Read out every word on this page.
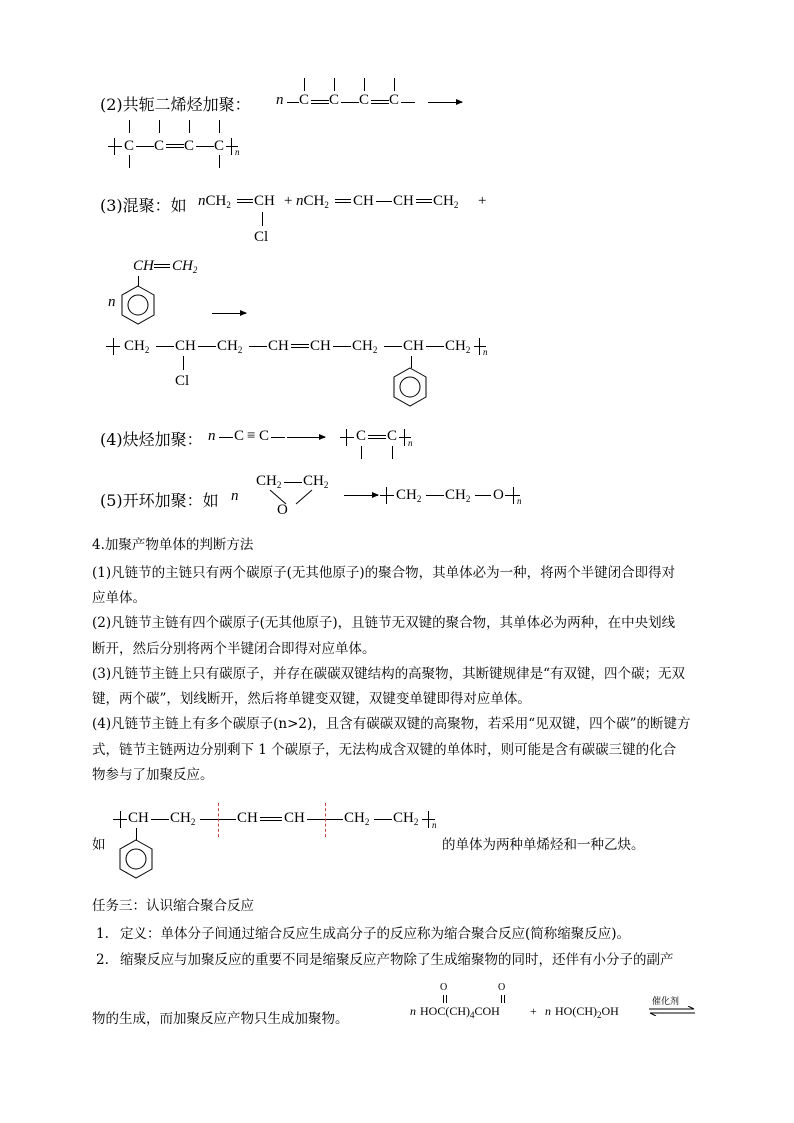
(2)共轭二烯烃加聚： n C C C C
C C C C n
(3)混聚：如 nCH$_2$ CH
Cl
+ nCH$_2$ CH CH $CH_2$ +
CH $CH_2$
n
$CH_2$ CH
Cl
$CH_2$ CH CH $CH_2$ CH $CH_2$ n
(4)炔烃加聚： n C ≡ C → C C n
(5)开环加聚：如 n
$CH_2$ $CH_2$
O
→ $CH_2$ $CH_2$ O n
4.加聚产物单体的判断方法
(1)凡链节的主链只有两个碳原子(无其他原子)的聚合物，其单体必为一种，将两个半键闭合即得对
应单体。
(2)凡链节主链有四个碳原子(无其他原子)，且链节无双键的聚合物，其单体必为两种，在中央划线
断开，然后分别将两个半键闭合即得对应单体。
(3)凡链节主链上只有碳原子，并存在碳碳双键结构的高聚物，其断键规律是“有双键，四个碳；无双
键，两个碳”，划线断开，然后将单键变双键，双键变单键即得对应单体。
(4)凡链节主链上有多个碳原子(n>2)，且含有碳碳双键的高聚物，若采用“见双键，四个碳”的断键方
式，链节主链两边分别剩下 1 个碳原子，无法构成含双键的单体时，则可能是含有碳碳三键的化合
物参与了加聚反应。
如
CH $CH_2$	CH CH	$CH_2$ $CH_2$ n
的单体为两种单烯烃和一种乙炔。
任务三：认识缩合聚合反应
1. 定义：单体分子间通过缩合反应生成高分子的反应称为缩合聚合反应(简称缩聚反应)。
2. 缩聚反应与加聚反应的重要不同是缩聚反应产物除了生成缩聚物的同时，还伴有小分子的副产
物的生成，而加聚反应产物只生成加聚物。	n $HOC(CH)_4COH$
O	O
+ n $HO(CH)_2OH$
催化剂
